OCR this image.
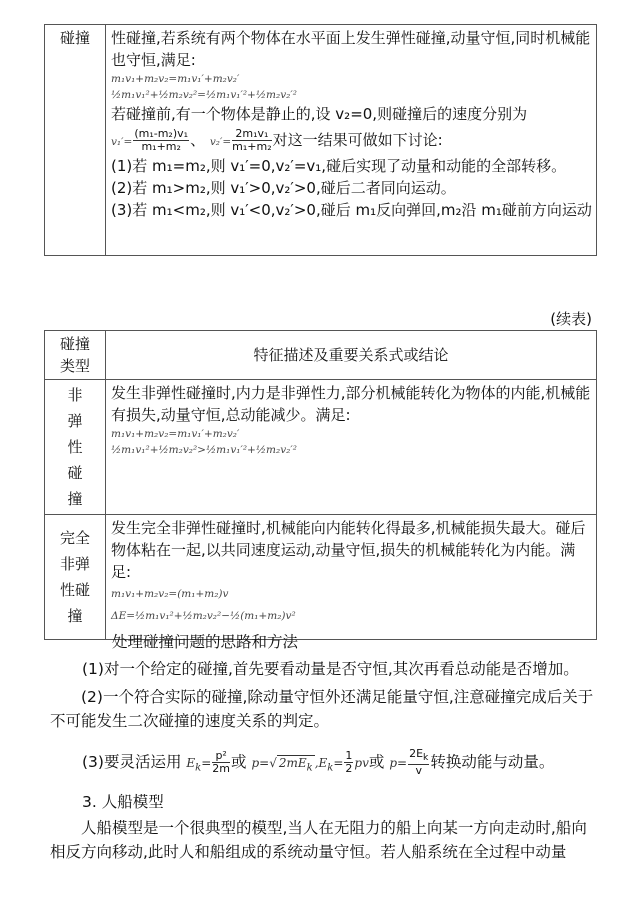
碰撞	性碰撞,若系统有两个物体在水平面上发生弹性碰撞,动量守恒,同时机械能也守恒,满足:
m₁v₁+m₂v₂=m₁v₁′+m₂v₂′
½m₁v₁²+½m₂v₂²=½m₁v₁′²+½m₂v₂′²
若碰撞前,有一个物体是静止的,设 v₂=0,则碰撞后的速度分别为
$v_1'= \frac{\text{(m₁-m₂)v₁}}{\text{m₁+m₂}}$ 、 $v_2'= \frac{\text{2m₁v₁}}{\text{m₁+m₂}}$ 对这一结果可做如下讨论:
(1)若 m₁=m₂,则 v₁′=0,v₂′=v₁,碰后实现了动量和动能的全部转移。
(2)若 m₁>m₂,则 v₁′>0,v₂′>0,碰后二者同向运动。
(3)若 m₁<m₂,则 v₁′<0,v₂′>0,碰后 m₁反向弹回,m₂沿 m₁碰前方向运动
(续表)
碰撞类型	特征描述及重要关系式或结论

非弹性碰撞	发生非弹性碰撞时,内力是非弹性力,部分机械能转化为物体的内能,机械能有损失,动量守恒,总动能减少。满足:
m₁v₁+m₂v₂=m₁v₁′+m₂v₂′
½m₁v₁²+½m₂v₂²>½m₁v₁′²+½m₂v₂′²

完全非弹性碰撞	发生完全非弹性碰撞时,机械能向内能转化得最多,机械能损失最大。碰后物体粘在一起,以共同速度运动,动量守恒,损失的机械能转化为内能。满足:
m₁v₁+m₂v₂=(m₁+m₂)v
ΔE=½m₁v₁²+½m₂v₂²−½(m₁+m₂)v²

处理碰撞问题的思路和方法

(1)对一个给定的碰撞,首先要看动量是否守恒,其次再看总动能是否增加。

(2)一个符合实际的碰撞,除动量守恒外还满足能量守恒,注意碰撞完成后关于不可能发生二次碰撞的速度关系的判定。

(3)要灵活运用 $E_k= \frac{\text{p²}}{2m}$ 或 p=√ $2mE_k$ $,E_k= \frac{1}{2}$ pv或 $p= \frac{2E_k}{v}$ 转换动能与动量。

3. 人船模型

人船模型是一个很典型的模型,当人在无阻力的船上向某一方向走动时,船向相反方向移动,此时人和船组成的系统动量守恒。若人船系统在全过程中动量
